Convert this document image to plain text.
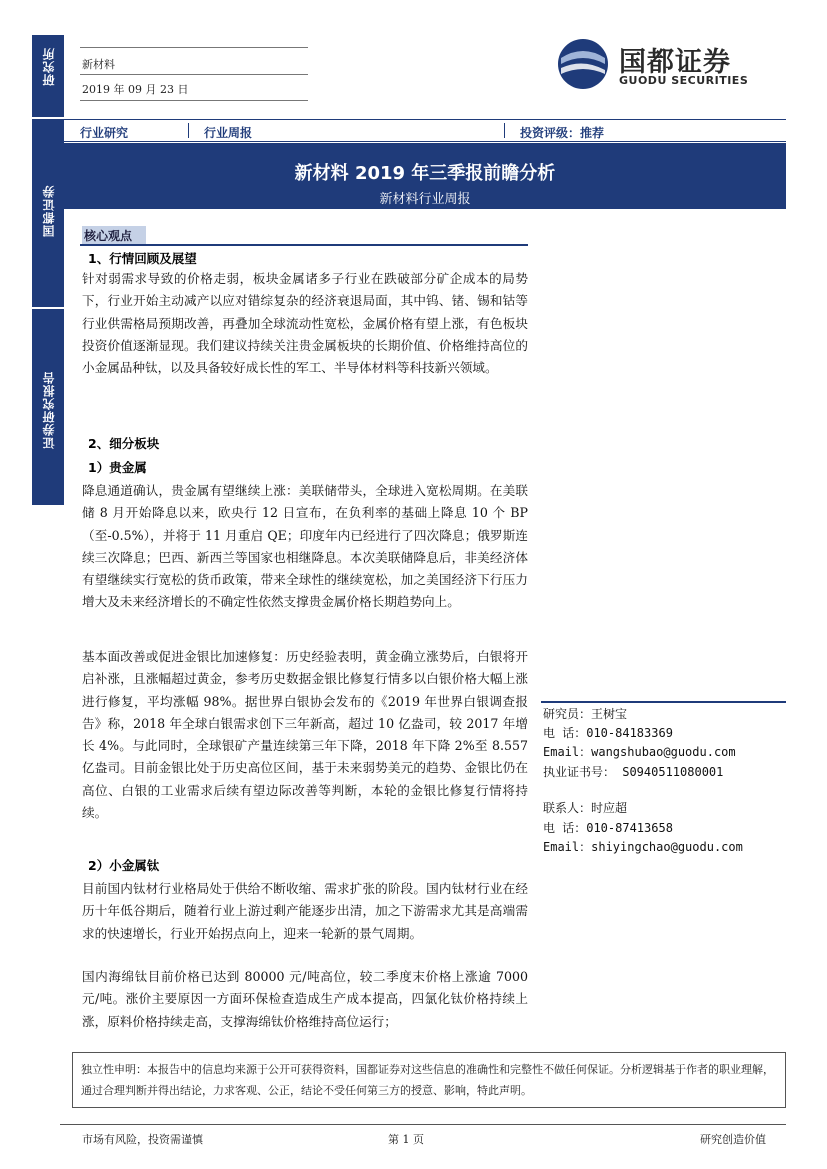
研究所
国都证券
证券研究报告
新材料
2019 年 09 月 23 日
国都证券
GUODU SECURITIES
行业研究	行业周报	投资评级：推荐
新材料 2019 年三季报前瞻分析
新材料行业周报
核心观点
1、行情回顾及展望
针对弱需求导致的价格走弱，板块金属诸多子行业在跌破部分矿企成本的局势下，行业开始主动减产以应对错综复杂的经济衰退局面，其中钨、锗、锡和钴等行业供需格局预期改善，再叠加全球流动性宽松，金属价格有望上涨，有色板块投资价值逐渐显现。我们建议持续关注贵金属板块的长期价值、价格维持高位的小金属品种钛，以及具备较好成长性的军工、半导体材料等科技新兴领域。
2、细分板块
1）贵金属
降息通道确认，贵金属有望继续上涨：美联储带头，全球进入宽松周期。在美联储 8 月开始降息以来，欧央行 12 日宣布，在负利率的基础上降息 10 个 BP（至-0.5%），并将于 11 月重启 QE；印度年内已经进行了四次降息；俄罗斯连续三次降息；巴西、新西兰等国家也相继降息。本次美联储降息后，非美经济体有望继续实行宽松的货币政策，带来全球性的继续宽松，加之美国经济下行压力增大及未来经济增长的不确定性依然支撑贵金属价格长期趋势向上。
基本面改善或促进金银比加速修复：历史经验表明，黄金确立涨势后，白银将开启补涨，且涨幅超过黄金，参考历史数据金银比修复行情多以白银价格大幅上涨进行修复，平均涨幅 98%。据世界白银协会发布的《2019 年世界白银调查报告》称，2018 年全球白银需求创下三年新高，超过 10 亿盎司，较 2017 年增长 4%。与此同时，全球银矿产量连续第三年下降，2018 年下降 2%至 8.557 亿盎司。目前金银比处于历史高位区间，基于未来弱势美元的趋势、金银比仍在高位、白银的工业需求后续有望边际改善等判断，本轮的金银比修复行情将持续。
2）小金属钛
目前国内钛材行业格局处于供给不断收缩、需求扩张的阶段。国内钛材行业在经历十年低谷期后，随着行业上游过剩产能逐步出清，加之下游需求尤其是高端需求的快速增长，行业开始拐点向上，迎来一轮新的景气周期。
国内海绵钛目前价格已达到 80000 元/吨高位，较二季度末价格上涨逾 7000 元/吨。涨价主要原因一方面环保检查造成生产成本提高，四氯化钛价格持续上涨，原料价格持续走高，支撑海绵钛价格维持高位运行；
研究员：王树宝
电 话：010-84183369
Email：wangshubao@guodu.com
执业证书号： S0940511080001
联系人：时应超
电 话：010-87413658
Email：shiyingchao@guodu.com
独立性申明：本报告中的信息均来源于公开可获得资料，国都证券对这些信息的准确性和完整性不做任何保证。分析逻辑基于作者的职业理解，通过合理判断并得出结论，力求客观、公正，结论不受任何第三方的授意、影响，特此声明。
市场有风险，投资需谨慎	第 1 页	研究创造价值
